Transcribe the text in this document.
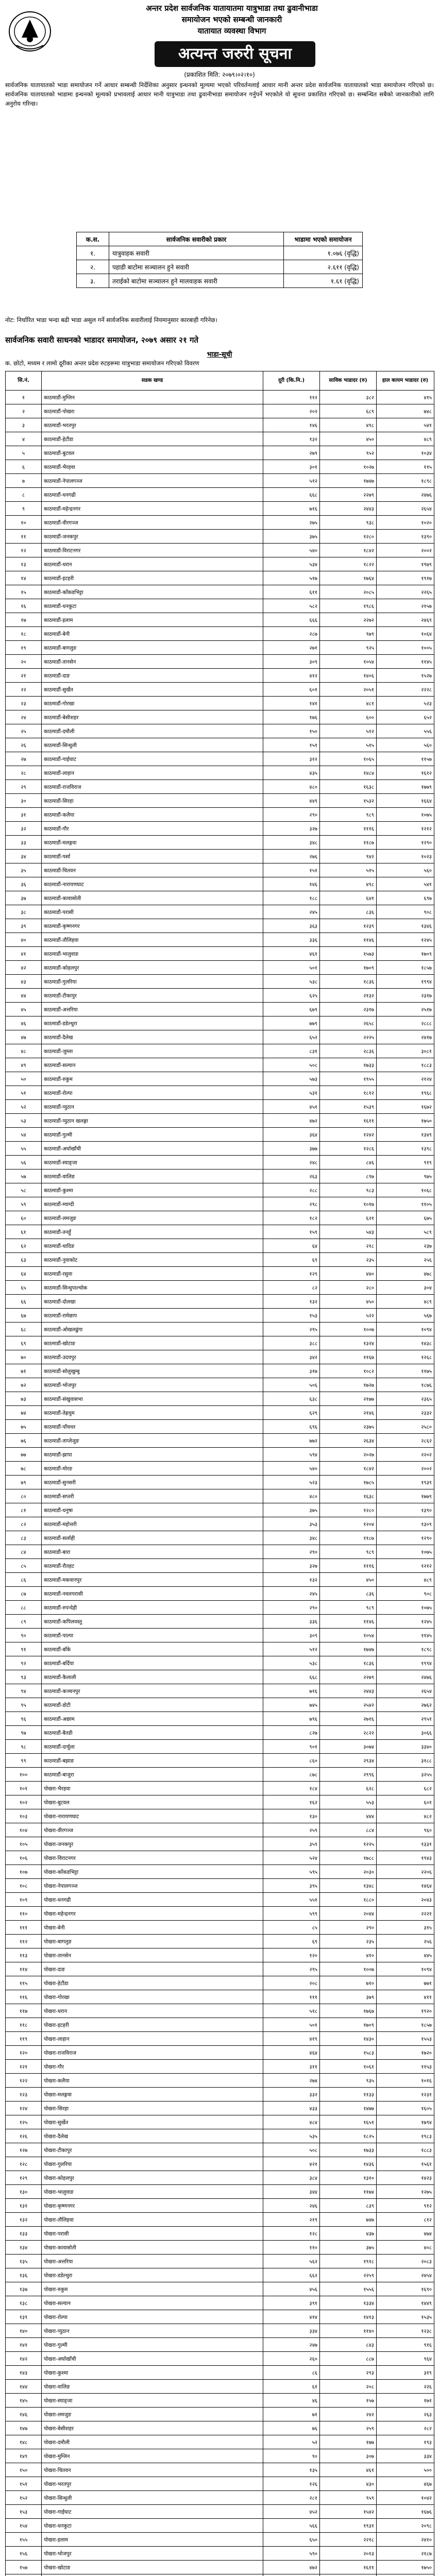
अन्तर प्रदेश सार्वजनिक यातायातमा यात्रुभाडा तथा ढुवानीभाडा
समायोजन भएको सम्बन्धी जानकारी
यातायात व्यवस्था विभाग
अत्यन्त जरुरी सूचना
(प्रकाशित मिति: २०७९।०२।१०)
सार्वजनिक यातायातको भाडा समायोजन गर्ने आधार सम्बन्धी निर्देशिका अनुसार इन्धनको मूल्यमा भएको परिवर्तनलाई आधार मानी अन्तर प्रदेश सार्वजनिक यातायातको भाडा समायोजन गरिएको छ। सार्वजनिक यातायातको भाडामा इन्धनको मूल्यको प्रभावलाई आधार मानी यात्रुभाडा तथा ढुवानीभाडा समायोजन गर्नुपर्ने भएकोले यो सूचना प्रकाशित गरिएको छ। सम्बन्धित सबैको जानकारीको लागि अनुरोध गरिन्छ।
क.स.	सार्वजनिक सवारीको प्रकार	भाडामा भएको समायोजन
१.	यात्रुवाहक सवारी	१.०७६ (वृद्धि)
२.	पहाडी बाटोमा सञ्चालन हुने सवारी	२.६११ (वृद्धि)
३.	तराईको बाटोमा सञ्चालन हुने मालवाहक सवारी	१.६१ (वृद्धि)
नोट: निर्धारित भाडा भन्दा बढी भाडा असुल गर्ने सार्वजनिक सवारीलाई नियमानुसार कारबाही गरिनेछ।
सार्वजनिक सवारी साधनको भाडादर समायोजन, २०७९ असार २१ गते
भाडा-सूची
क. छोटो, मध्यम र लामो दूरीका अन्तर प्रदेश रुटहरूमा यात्रुभाडा समायोजन गरिएको विवरण
सि.नं.	सडक खण्ड	दूरी (कि.मि.)	साविक भाडादर (रु)	हाल कायम भाडादर (रु)
१	काठमाडौं-मुग्लिन	११२	३८२	४१५
२	काठमाडौं-पोखरा	२०२	६८९	७४८
३	काठमाडौं-भरतपुर	१४६	४९८	५४१
४	काठमाडौं-हेटौंडा	१३२	४५०	४८९
५	काठमाडौं-बुटवल	२७९	९५२	१०३४
६	काठमाडौं-भैरहवा	३०१	१०२७	११५
७	काठमाडौं-नेपालगञ्ज	५१२	१७४७	१८९८
८	काठमाडौं-धनगढी	६६८	२२७९	२४७६
९	काठमाडौं-महेन्द्रनगर	७१६	२४४३	२६५४
१०	काठमाडौं-वीरगञ्ज	२७५	९३८	१०२०
११	काठमाडौं-जनकपुर	३७५	१२८०	१३९०
१२	काठमाडौं-विराटनगर	५४०	१८४२	२००२
१३	काठमाडौं-धरान	५३४	१८२२	१९७९
१४	काठमाडौं-इटहरी	५१७	१७६४	१९१७
१५	काठमाडौं-काँकडभिट्टा	६११	२०८५	२२६५
१६	काठमाडौं-धनकुटा	५८२	१९८६	२१५७
१७	काठमाडौं-इलाम	६६६	२२७२	२४६९
१८	काठमाडौं-बेनी	२८७	९७९	१०६४
१९	काठमाडौं-बागलुङ	२७१	९२५	१००५
२०	काठमाडौं-तानसेन	३०९	१०५४	११४५
२१	काठमाडौं-दाङ	४१२	१४०६	१५२७
२२	काठमाडौं-सुर्खेत	६०१	२०५१	२२२८
२३	काठमाडौं-गोरखा	१४१	४८१	५२३
२४	काठमाडौं-बेसीशहर	१७६	६००	६५२
२५	काठमाडौं-दमौली	१५०	५१२	५५६
२६	काठमाडौं-सिन्धुली	१५१	५१५	५६०
२७	काठमाडौं-गाईघाट	३१२	१०६५	११५७
२८	काठमाडौं-लाहान	४३५	१४८४	१६१२
२९	काठमाडौं-राजविराज	४८०	१६३८	१७७९
३०	काठमाडौं-सिरहा	४४९	१५३२	१६६४
३१	काठमाडौं-कलैया	२९०	९८९	१०७५
३२	काठमाडौं-गौर	३२७	१११६	१२१२
३३	काठमाडौं-मलङ्गवा	३४८	११८७	१२९०
३४	काठमाडौं-पर्सा	२७६	९४२	१०२३
३५	काठमाडौं-चितवन	१५१	५१५	५६०
३६	काठमाडौं-नारायणघाट	१४६	४९८	५४१
३७	काठमाडौं-कावासोती	१८८	६४१	६९७
३८	काठमाडौं-परासी	२४५	८३६	९०८
३९	काठमाडौं-कृष्णनगर	३६३	१२३९	१३४६
४०	काठमाडौं-तौलिहवा	३३६	११४६	१२४५
४१	काठमाडौं-भालुवाङ	४६१	१५७३	१७०९
४२	काठमाडौं-कोहलपुर	५०१	१७०९	१८५७
४३	काठमाडौं-गुलरिया	५३८	१८३६	१९९४
४४	काठमाडौं-टीकापुर	६२५	२१३२	२३१७
४५	काठमाडौं-अत्तरिया	६७९	२३१७	२५१७
४६	काठमाडौं-डडेल्धुरा	७७९	२६५८	२८८८
४७	काठमाडौं-दैलेख	६५२	२२२५	२४१७
४८	काठमाडौं-जुम्ला	८३१	२८३६	३०८१
४९	काठमाडौं-सल्यान	५०८	१७३३	१८८३
५०	काठमाडौं-रुकुम	५७३	१९५५	२१२४
५१	काठमाडौं-रोल्पा	५३१	१८१२	१९६८
५२	काठमाडौं-प्युठान	४५१	१५३९	१६७२
५३	काठमाडौं-प्युठान खलङ्गा	४७२	१६११	१७५०
५४	काठमाडौं-गुल्मी	३६४	१२४२	१३४९
५५	काठमाडौं-अर्घाखाँची	३७७	१२८६	१३९८
५६	काठमाडौं-स्याङ्जा	२४८	८४६	९१९
५७	काठमाडौं-वालिङ	२६३	८९७	९७५
५८	काठमाडौं-कुश्मा	२८८	९८३	१०६८
५९	काठमाडौं-म्याग्दी	२९८	१०१७	११०५
६०	काठमाडौं-लमजुङ	१८२	६२१	६७५
६१	काठमाडौं-तनहुँ	१५९	५४३	५८९
६२	काठमाडौं-धादिङ	६४	२१८	२३७
६३	काठमाडौं-नुवाकोट	६९	२३५	२५६
६४	काठमाडौं-रसुवा	१२९	४४०	४७८
६५	काठमाडौं-सिन्धुपाल्चोक	८२	२८०	३०४
६६	काठमाडौं-दोलखा	१३२	४५०	४८९
६७	काठमाडौं-रामेछाप	१५३	५२२	५६७
६८	काठमाडौं-ओखलढुंगा	२९५	१००७	१०९४
६९	काठमाडौं-खोटाङ	३८८	१३२४	१४३८
७०	काठमाडौं-उदयपुर	३४२	११६७	१२६८
७१	काठमाडौं-सोलुखुम्बु	३१७	१०८२	११७५
७२	काठमाडौं-भोजपुर	५०६	१७२७	१८७६
७३	काठमाडौं-संखुवासभा	६३८	२१७७	२३६५
७४	काठमाडौं-तेह्रथुम	६२९	२१४६	२३३२
७५	काठमाडौं-पाँचथर	६९६	२३७५	२५८०
७६	काठमाडौं-ताप्लेजुङ	७७२	२६३४	२८६२
७७	काठमाडौं-झापा	५९४	२०२७	२२०२
७८	काठमाडौं-मोरङ	५४०	१८४२	२००२
७९	काठमाडौं-सुनसरी	५२३	१७८५	१९३९
८०	काठमाडौं-सप्तरी	४८०	१६३८	१७७९
८१	काठमाडौं-धनुषा	३७५	१२८०	१३९०
८२	काठमाडौं-महोत्तरी	३५३	१२०४	१३०९
८३	काठमाडौं-सर्लाही	३४८	११८७	१२९०
८४	काठमाडौं-बारा	२९०	९८९	१०७५
८५	काठमाडौं-रौतहट	३२७	१११६	१२१२
८६	काठमाडौं-मकवानपुर	१३२	४५०	४८९
८७	काठमाडौं-नवलपरासी	२४५	८३६	९०८
८८	काठमाडौं-रुपन्देही	२९०	९८९	१०७५
८९	काठमाडौं-कपिलवस्तु	३३६	११४६	१२४५
९०	काठमाडौं-पाल्पा	३०९	१०५४	११४५
९१	काठमाडौं-बाँके	५१२	१७४७	१८९८
९२	काठमाडौं-बर्दिया	५३८	१८३६	१९९४
९३	काठमाडौं-कैलाली	६६८	२२७९	२४७६
९४	काठमाडौं-कञ्चनपुर	७१६	२४४३	२६५४
९५	काठमाडौं-डोटी	७४५	२५४२	२७६२
९६	काठमाडौं-अछाम	७९६	२७१६	२९५१
९७	काठमाडौं-बैतडी	८२७	२८२२	३०६६
९८	काठमाडौं-दार्चुला	९०१	३०७४	३३४०
९९	काठमाडौं-बझाङ	८६०	२९३४	३१८८
१००	काठमाडौं-बाजुरा	८७८	२९९६	३२५५
१०१	पोखरा-भैरहवा	१८४	६२८	६८२
१०२	पोखरा-बुटवल	१६२	५५३	६०१
१०३	पोखरा-नारायणघाट	१३०	४४४	४८२
१०४	पोखरा-वीरगञ्ज	२५९	८८४	९६०
१०५	पोखरा-जनकपुर	३५९	१२२५	१३३१
१०६	पोखरा-विराटनगर	५२४	१७८८	१९४३
१०७	पोखरा-काँकडभिट्टा	५९५	२०३०	२२०६
१०८	पोखरा-नेपालगञ्ज	३९५	१३४८	१४६४
१०९	पोखरा-धनगढी	५५१	१८८०	२०४३
११०	पोखरा-महेन्द्रनगर	५९९	२०४४	२२२१
१११	पोखरा-बेनी	८५	२९०	३१५
११२	पोखरा-बागलुङ	६९	२३५	२५६
११३	पोखरा-तानसेन	१२०	४१०	४४५
११४	पोखरा-दाङ	२९५	१००७	१०९४
११५	पोखरा-हेटौंडा	२०८	७१०	७७१
११६	पोखरा-गोरखा	१११	३७९	४११
११७	पोखरा-धरान	५१८	१७६७	१९२०
११८	पोखरा-इटहरी	५०१	१७०९	१८५७
११९	पोखरा-लाहान	४१९	१४३०	१५५३
१२०	पोखरा-राजविराज	४६४	१५८३	१७२०
१२१	पोखरा-गौर	३११	१०६१	११५३
१२२	पोखरा-कलैया	२७४	९३५	१०१६
१२३	पोखरा-मलङ्गवा	३३२	११३३	१२३१
१२४	पोखरा-सिरहा	४३३	१४७७	१६०५
१२५	पोखरा-सुर्खेत	४८४	१६५१	१७९४
१२६	पोखरा-दैलेख	५३५	१८२५	१९८३
१२७	पोखरा-टीकापुर	५०८	१७३३	१८८३
१२८	पोखरा-गुलरिया	४२१	१४३६	१५६१
१२९	पोखरा-कोहलपुर	३८४	१३१०	१४२३
१३०	पोखरा-भालुवाङ	३४४	११७४	१२७५
१३१	पोखरा-कृष्णनगर	२४६	८३९	९१२
१३२	पोखरा-तौलिहवा	२१९	७४७	८१२
१३३	पोखरा-परासी	१२८	४३७	४७४
१३४	पोखरा-कावासोती	११०	३७५	४०८
१३५	पोखरा-अत्तरिया	५६२	१९१८	२०८३
१३६	पोखरा-डडेल्धुरा	६६२	२२५९	२४५४
१३७	पोखरा-रुकुम	४५६	१५५६	१६९०
१३८	पोखरा-सल्यान	३९१	१३३४	१४४९
१३९	पोखरा-रोल्पा	४१४	१४१३	१५३५
१४०	पोखरा-प्युठान	३३४	११४०	१२३८
१४१	पोखरा-गुल्मी	२४७	८४३	९१६
१४२	पोखरा-अर्घाखाँची	२६०	८८७	९६४
१४३	पोखरा-कुश्मा	८६	२९३	३१९
१४४	पोखरा-वालिङ	६१	२०८	२२६
१४५	पोखरा-स्याङ्जा	४६	१५७	१७१
१४६	पोखरा-लमजुङ	७१	२४२	२६३
१४७	पोखरा-बेसीशहर	७६	२५९	२८२
१४८	पोखरा-दमौली	५२	१७७	१९३
१४९	पोखरा-मुग्लिन	९०	३०७	३३४
१५०	पोखरा-चितवन	१३५	४६१	५००
१५१	पोखरा-भरतपुर	१२६	४३०	४६७
१५२	पोखरा-सिन्धुली	२८१	९५९	१०४२
१५३	पोखरा-गाईघाट	४५२	१५४२	१६७६
१५४	पोखरा-धनकुटा	५६६	१९३१	२०९८
१५५	पोखरा-इलाम	६५०	२२१८	२४१०
१५६	पोखरा-भोजपुर	५९०	२०१३	२१८७
१५७	पोखरा-खोटाङ	४७२	१६११	१७५०
